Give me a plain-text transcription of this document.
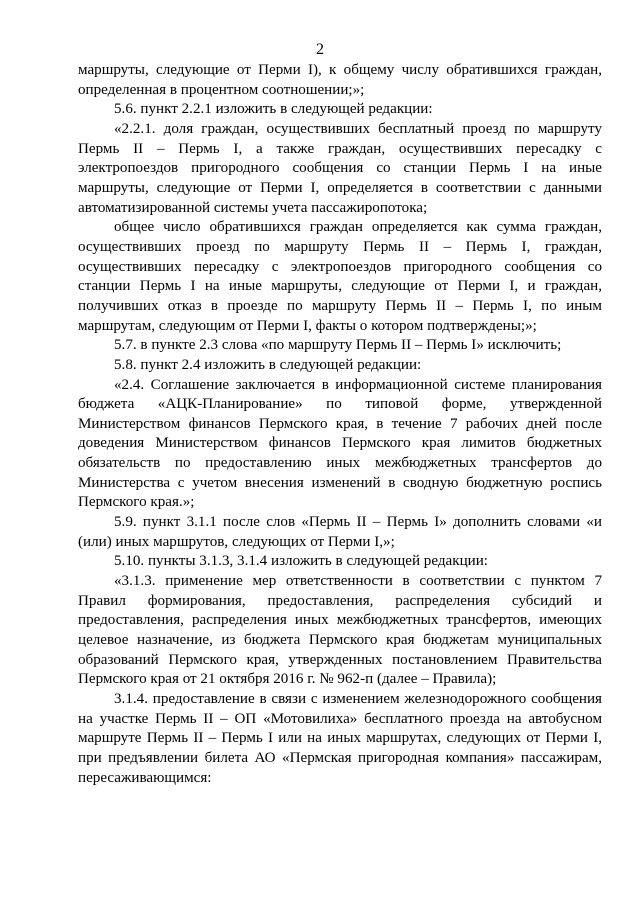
2

маршруты, следующие от Перми I), к общему числу обратившихся граждан, определенная в процентном соотношении;»;

5.6. пункт 2.2.1 изложить в следующей редакции:

«2.2.1. доля граждан, осуществивших бесплатный проезд по маршруту Пермь II – Пермь I, а также граждан, осуществивших пересадку с электропоездов пригородного сообщения со станции Пермь I на иные маршруты, следующие от Перми I, определяется в соответствии с данными автоматизированной системы учета пассажиропотока;

общее число обратившихся граждан определяется как сумма граждан, осуществивших проезд по маршруту Пермь II – Пермь I, граждан, осуществивших пересадку с электропоездов пригородного сообщения со станции Пермь I на иные маршруты, следующие от Перми I, и граждан, получивших отказ в проезде по маршруту Пермь II – Пермь I, по иным маршрутам, следующим от Перми I, факты о котором подтверждены;»;

5.7. в пункте 2.3 слова «по маршруту Пермь II – Пермь I» исключить;

5.8. пункт 2.4 изложить в следующей редакции:

«2.4. Соглашение заключается в информационной системе планирования бюджета «АЦК-Планирование» по типовой форме, утвержденной Министерством финансов Пермского края, в течение 7 рабочих дней после доведения Министерством финансов Пермского края лимитов бюджетных обязательств по предоставлению иных межбюджетных трансфертов до Министерства с учетом внесения изменений в сводную бюджетную роспись Пермского края.»;

5.9. пункт 3.1.1 после слов «Пермь II – Пермь I» дополнить словами «и (или) иных маршрутов, следующих от Перми I,»;

5.10. пункты 3.1.3, 3.1.4 изложить в следующей редакции:

«3.1.3. применение мер ответственности в соответствии с пунктом 7 Правил формирования, предоставления, распределения субсидий и предоставления, распределения иных межбюджетных трансфертов, имеющих целевое назначение, из бюджета Пермского края бюджетам муниципальных образований Пермского края, утвержденных постановлением Правительства Пермского края от 21 октября 2016 г. № 962-п (далее – Правила);

3.1.4. предоставление в связи с изменением железнодорожного сообщения на участке Пермь II – ОП «Мотовилиха» бесплатного проезда на автобусном маршруте Пермь II – Пермь I или на иных маршрутах, следующих от Перми I, при предъявлении билета АО «Пермская пригородная компания» пассажирам, пересаживающимся:
